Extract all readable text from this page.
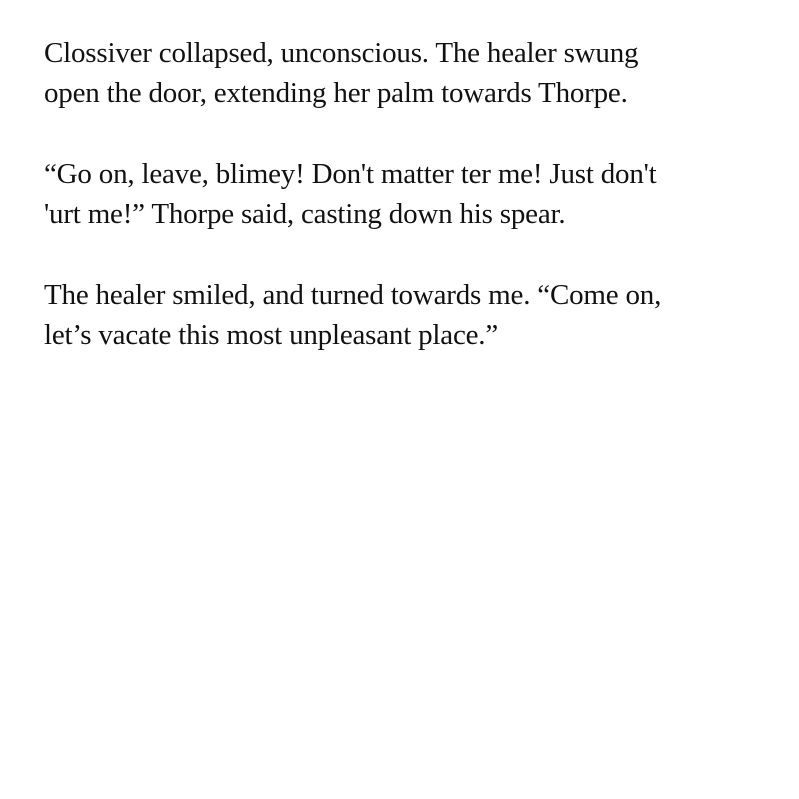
Clossiver collapsed, unconscious. The healer swung
open the door, extending her palm towards Thorpe.

“Go on, leave, blimey! Don't matter ter me! Just don't
'urt me!” Thorpe said, casting down his spear.

The healer smiled, and turned towards me. “Come on,
let’s vacate this most unpleasant place.”
